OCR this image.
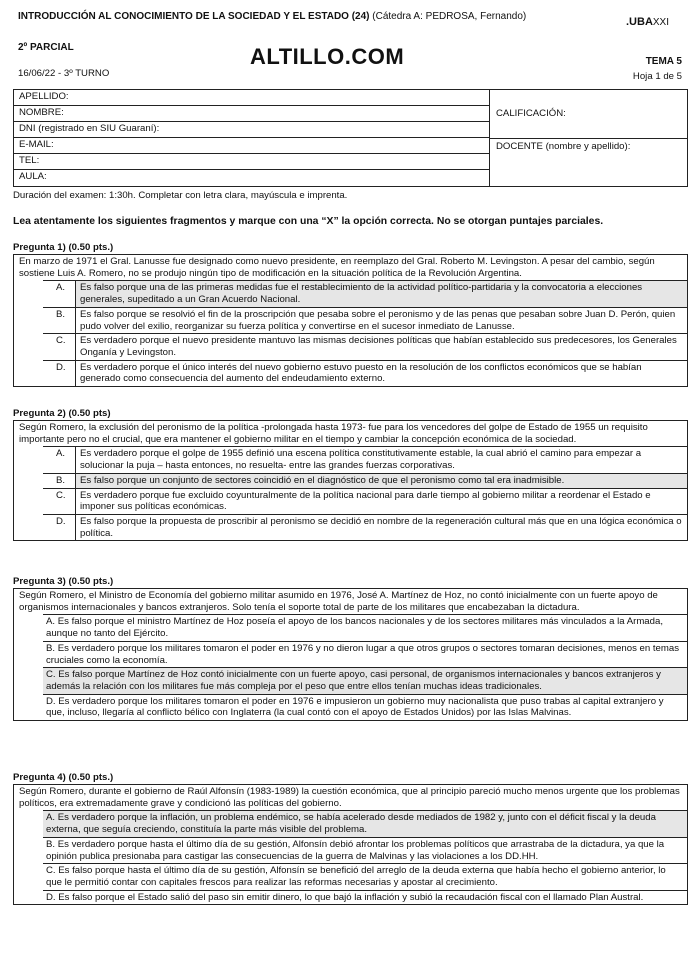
INTRODUCCIÓN AL CONOCIMIENTO DE LA SOCIEDAD Y EL ESTADO (24) (Cátedra A: PEDROSA, Fernando)
2º PARCIAL
16/06/22 - 3º TURNO
ALTILLO.COM
.UBAXXI
TEMA 5
Hoja 1 de 5
APELLIDO:
NOMBRE:
DNI (registrado en SIU Guaraní):
E-MAIL:
TEL:
AULA:
CALIFICACIÓN:
DOCENTE (nombre y apellido):
Duración del examen: 1:30h. Completar con letra clara, mayúscula e imprenta.
Lea atentamente los siguientes fragmentos y marque con una “X” la opción correcta. No se otorgan puntajes parciales.
Pregunta 1) (0.50 pts.)
En marzo de 1971 el Gral. Lanusse fue designado como nuevo presidente, en reemplazo del Gral. Roberto M. Levingston. A pesar del cambio, según sostiene Luis A. Romero, no se produjo ningún tipo de modificación en la situación política de la Revolución Argentina.
A.	Es falso porque una de las primeras medidas fue el restablecimiento de la actividad político-partidaria y la convocatoria a elecciones generales, supeditado a un Gran Acuerdo Nacional.
B.	Es falso porque se resolvió el fin de la proscripción que pesaba sobre el peronismo y de las penas que pesaban sobre Juan D. Perón, quien pudo volver del exilio, reorganizar su fuerza política y convertirse en el sucesor inmediato de Lanusse.
C.	Es verdadero porque el nuevo presidente mantuvo las mismas decisiones políticas que habían establecido sus predecesores, los Generales Onganía y Levingston.
D.	Es verdadero porque el único interés del nuevo gobierno estuvo puesto en la resolución de los conflictos económicos que se habían generado como consecuencia del aumento del endeudamiento externo.
Pregunta 2) (0.50 pts)
Según Romero, la exclusión del peronismo de la política -prolongada hasta 1973- fue para los vencedores del golpe de Estado de 1955 un requisito importante pero no el crucial, que era mantener el gobierno militar en el tiempo y cambiar la concepción económica de la sociedad.
A.	Es verdadero porque el golpe de 1955 definió una escena política constitutivamente estable, la cual abrió el camino para empezar a solucionar la puja – hasta entonces, no resuelta- entre las grandes fuerzas corporativas.
B.	Es falso porque un conjunto de sectores coincidió en el diagnóstico de que el peronismo como tal era inadmisible.
C.	Es verdadero porque fue excluido coyunturalmente de la política nacional para darle tiempo al gobierno militar a reordenar el Estado e imponer sus políticas económicas.
D.	Es falso porque la propuesta de proscribir al peronismo se decidió en nombre de la regeneración cultural más que en una lógica económica o política.
Pregunta 3) (0.50 pts.)
Según Romero, el Ministro de Economía del gobierno militar asumido en 1976, José A. Martínez de Hoz, no contó inicialmente con un fuerte apoyo de organismos internacionales y bancos extranjeros. Solo tenía el soporte total de parte de los militares que encabezaban la dictadura.
A. Es falso porque el ministro Martínez de Hoz poseía el apoyo de los bancos nacionales y de los sectores militares más vinculados a la Armada, aunque no tanto del Ejército.
B. Es verdadero porque los militares tomaron el poder en 1976 y no dieron lugar a que otros grupos o sectores tomaran decisiones, menos en temas cruciales como la economía.
C. Es falso porque Martínez de Hoz contó inicialmente con un fuerte apoyo, casi personal, de organismos internacionales y bancos extranjeros y además la relación con los militares fue más compleja por el peso que entre ellos tenían muchas ideas tradicionales.
D. Es verdadero porque los militares tomaron el poder en 1976 e impusieron un gobierno muy nacionalista que puso trabas al capital extranjero y que, incluso, llegaría al conflicto bélico con Inglaterra (la cual contó con el apoyo de Estados Unidos) por las Islas Malvinas.
Pregunta 4) (0.50 pts.)
Según Romero, durante el gobierno de Raúl Alfonsín (1983-1989) la cuestión económica, que al principio pareció mucho menos urgente que los problemas políticos, era extremadamente grave y condicionó las políticas del gobierno.
A. Es verdadero porque la inflación, un problema endémico, se había acelerado desde mediados de 1982 y, junto con el déficit fiscal y la deuda externa, que seguía creciendo, constituía la parte más visible del problema.
B. Es verdadero porque hasta el último día de su gestión, Alfonsín debió afrontar los problemas políticos que arrastraba de la dictadura, ya que la opinión publica presionaba para castigar las consecuencias de la guerra de Malvinas y las violaciones a los DD.HH.
C. Es falso porque hasta el último día de su gestión, Alfonsín se benefició del arreglo de la deuda externa que había hecho el gobierno anterior, lo que le permitió contar con capitales frescos para realizar las reformas necesarias y apostar al crecimiento.
D. Es falso porque el Estado salió del paso sin emitir dinero, lo que bajó la inflación y subió la recaudación fiscal con el llamado Plan Austral.
